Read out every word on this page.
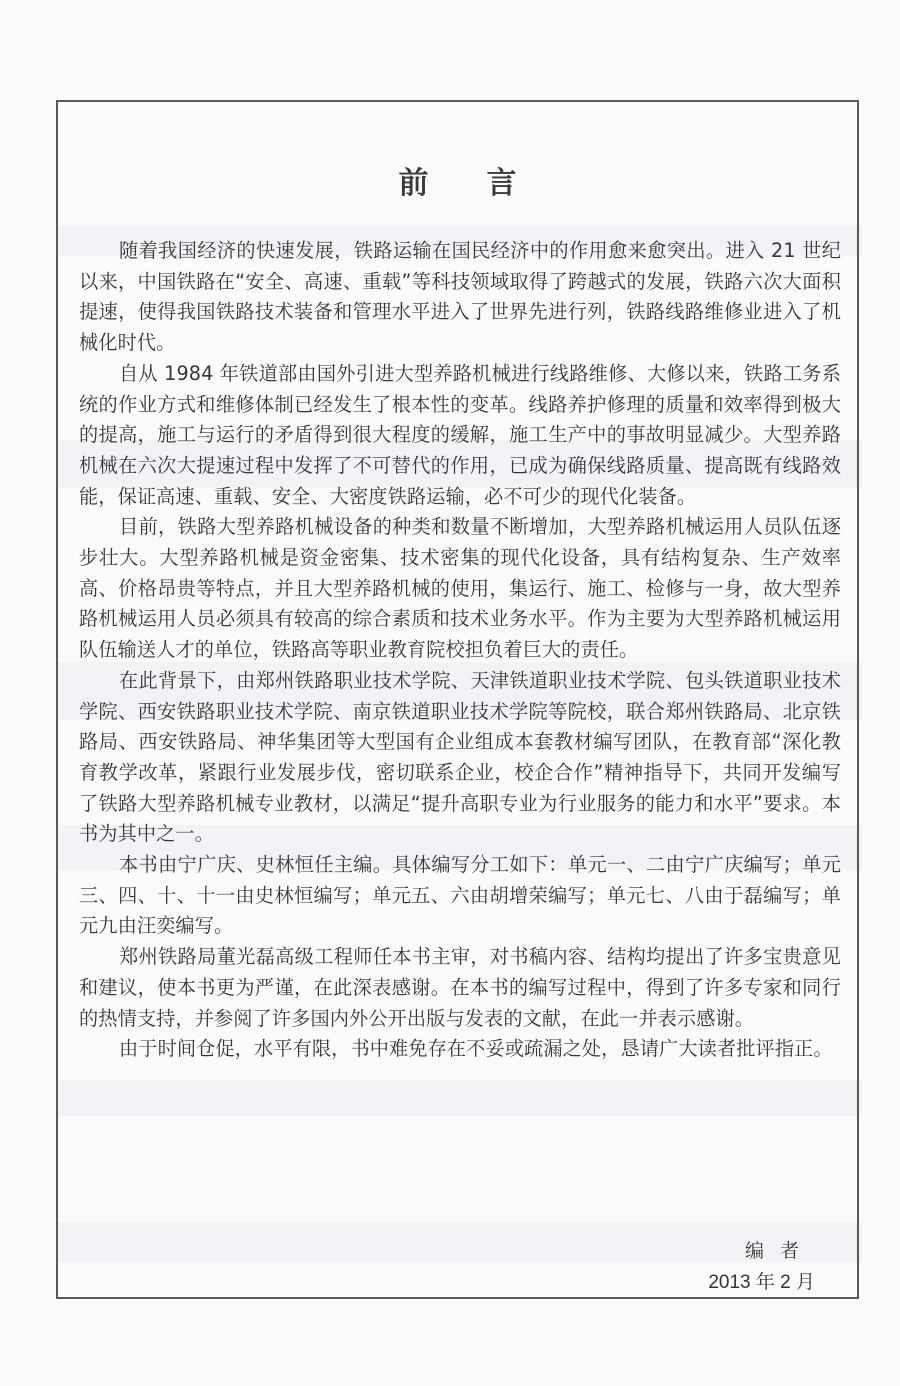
前言

随着我国经济的快速发展，铁路运输在国民经济中的作用愈来愈突出。进入 21 世纪以来，中国铁路在“安全、高速、重载”等科技领域取得了跨越式的发展，铁路六次大面积提速，使得我国铁路技术装备和管理水平进入了世界先进行列，铁路线路维修业进入了机械化时代。

自从 1984 年铁道部由国外引进大型养路机械进行线路维修、大修以来，铁路工务系统的作业方式和维修体制已经发生了根本性的变革。线路养护修理的质量和效率得到极大的提高，施工与运行的矛盾得到很大程度的缓解，施工生产中的事故明显减少。大型养路机械在六次大提速过程中发挥了不可替代的作用，已成为确保线路质量、提高既有线路效能，保证高速、重载、安全、大密度铁路运输，必不可少的现代化装备。

目前，铁路大型养路机械设备的种类和数量不断增加，大型养路机械运用人员队伍逐步壮大。大型养路机械是资金密集、技术密集的现代化设备，具有结构复杂、生产效率高、价格昂贵等特点，并且大型养路机械的使用，集运行、施工、检修与一身，故大型养路机械运用人员必须具有较高的综合素质和技术业务水平。作为主要为大型养路机械运用队伍输送人才的单位，铁路高等职业教育院校担负着巨大的责任。

在此背景下，由郑州铁路职业技术学院、天津铁道职业技术学院、包头铁道职业技术学院、西安铁路职业技术学院、南京铁道职业技术学院等院校，联合郑州铁路局、北京铁路局、西安铁路局、神华集团等大型国有企业组成本套教材编写团队，在教育部“深化教育教学改革，紧跟行业发展步伐，密切联系企业，校企合作”精神指导下，共同开发编写了铁路大型养路机械专业教材，以满足“提升高职专业为行业服务的能力和水平”要求。本书为其中之一。

本书由宁广庆、史林恒任主编。具体编写分工如下：单元一、二由宁广庆编写；单元三、四、十、十一由史林恒编写；单元五、六由胡增荣编写；单元七、八由于磊编写；单元九由汪奕编写。

郑州铁路局董光磊高级工程师任本书主审，对书稿内容、结构均提出了许多宝贵意见和建议，使本书更为严谨，在此深表感谢。在本书的编写过程中，得到了许多专家和同行的热情支持，并参阅了许多国内外公开出版与发表的文献，在此一并表示感谢。

由于时间仓促，水平有限，书中难免存在不妥或疏漏之处，恳请广大读者批评指正。

编者
2013 年 2 月
